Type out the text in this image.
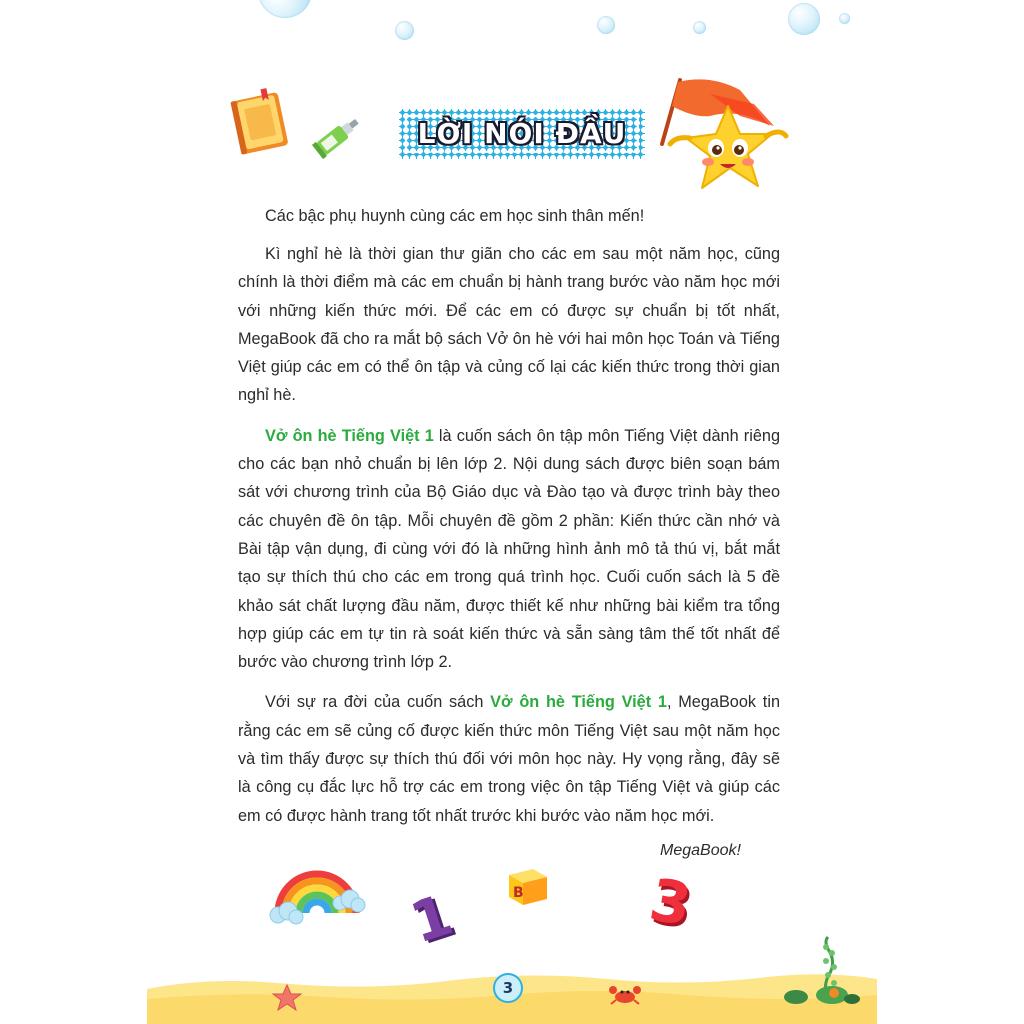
LỜI NÓI ĐẦU
Các bậc phụ huynh cùng các em học sinh thân mến!

Kì nghỉ hè là thời gian thư giãn cho các em sau một năm học, cũng chính là thời điểm mà các em chuẩn bị hành trang bước vào năm học mới với những kiến thức mới. Để các em có được sự chuẩn bị tốt nhất, MegaBook đã cho ra mắt bộ sách Vở ôn hè với hai môn học Toán và Tiếng Việt giúp các em có thể ôn tập và củng cố lại các kiến thức trong thời gian nghỉ hè.

Vở ôn hè Tiếng Việt 1 là cuốn sách ôn tập môn Tiếng Việt dành riêng cho các bạn nhỏ chuẩn bị lên lớp 2. Nội dung sách được biên soạn bám sát với chương trình của Bộ Giáo dục và Đào tạo và được trình bày theo các chuyên đề ôn tập. Mỗi chuyên đề gồm 2 phần: Kiến thức cần nhớ và Bài tập vận dụng, đi cùng với đó là những hình ảnh mô tả thú vị, bắt mắt tạo sự thích thú cho các em trong quá trình học. Cuối cuốn sách là 5 đề khảo sát chất lượng đầu năm, được thiết kế như những bài kiểm tra tổng hợp giúp các em tự tin rà soát kiến thức và sẵn sàng tâm thế tốt nhất để bước vào chương trình lớp 2.

Với sự ra đời của cuốn sách Vở ôn hè Tiếng Việt 1, MegaBook tin rằng các em sẽ củng cố được kiến thức môn Tiếng Việt sau một năm học và tìm thấy được sự thích thú đối với môn học này. Hy vọng rằng, đây sẽ là công cụ đắc lực hỗ trợ các em trong việc ôn tập Tiếng Việt và giúp các em có được hành trang tốt nhất trước khi bước vào năm học mới.

MegaBook!
1	B 3
3
